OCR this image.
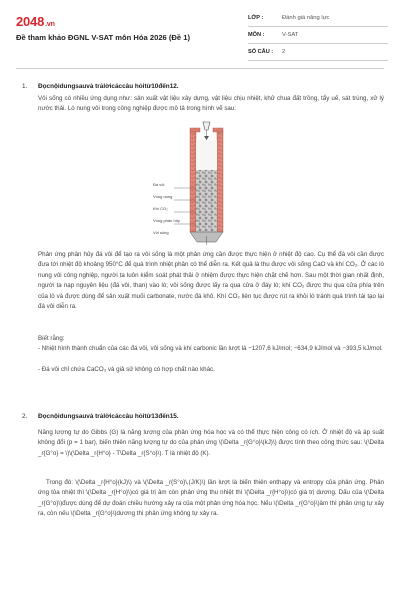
2048.vn
Đề tham khảo ĐGNL V-SAT môn Hóa 2026 (Đề 1)
LỚP :	Đánh giá năng lực
MÔN :	V-SAT
SỐ CÂU :	2
1. Đọcnộidungsauvà trảlờicáccâu hỏitừ10đến12.

Vôi sống có nhiều ứng dụng như: sản xuất vật liệu xây dựng, vật liệu chịu nhiệt, khử chua đất trồng, tẩy uế, sát trùng, xử lý nước thải. Lò nung vôi trong công nghiệp được mô tả trong hình vẽ sau:

Đá vôi
Vùng nung
Khí CO₂
Vùng phân hủy
Vôi sống

Phản ứng phân hủy đá vôi để tạo ra vôi sống là một phản ứng cần được thực hiện ở nhiệt độ cao. Cụ thể đá vôi cần được đưa tới nhiệt độ khoảng 950°C để quá trình nhiệt phân có thể diễn ra. Kết quả là thu được vôi sống CaO và khí CO₂. Ở các lò nung vôi công nghiệp, người ta luôn kiểm soát phát thải ở nhiệm được thực hiện chặt chẽ hơn. Sau một thời gian nhất định, người ta nạp nguyên liệu (đá vôi, than) vào lò; vôi sống được lấy ra qua cửa ở đáy lò; khí CO₂ được thu qua cửa phía trên của lò và được dùng để sản xuất muối carbonate, nước đá khô. Khí CO₂ liên tục được rút ra khỏi lò tránh quá trình tái tạo lại đá vôi diễn ra.

Biết rằng:

- Nhiệt hình thành chuẩn của các đá vôi, vôi sống và khí carbonic lần lượt là −1207,6 kJ/mol; −634,9 kJ/mol và −393,5 kJ/mol.

- Đá vôi chỉ chứa CaCO₃ và giả sử không có hợp chất nào khác.

2. Đọcnộidungsauvà trảlờicáccâu hỏitừ13đến15.

Năng lượng tự do Gibbs (G) là năng lượng của phản ứng hóa học và có thể thực hiện công có ích. Ở nhiệt độ và áp suất không đổi (p = 1 bar), biến thiên năng lượng tự do của phản ứng \(\Delta _r{G°o}\(kJ)\) được tính theo công thức sau: \(\Delta _r{G°o} = \)\(\Delta _r{H°o} - T\Delta _r{S°o}\). T là nhiệt độ (K).

Trong đó: \(\Delta _r{H°o}(kJ)\) và \(\Delta _r{S°o}\,(J/K)\) lần lượt là biến thiên enthapy và entropy của phản ứng. Phản ứng tỏa nhiệt thì \(\Delta _r{H°o}\)có giá trị âm còn phản ứng thu nhiệt thì \(\Delta _r{H°o}\)có giá trị dương. Dấu của \(\Delta _r{G°o}\)được dùng để dự đoán chiều hướng xảy ra của một phản ứng hóa học. Nếu \(\Delta _r{G°o}\)âm thì phản ứng tự xảy ra, còn nếu \(\Delta _r{G°o}\)dương thì phản ứng không tự xảy ra.
